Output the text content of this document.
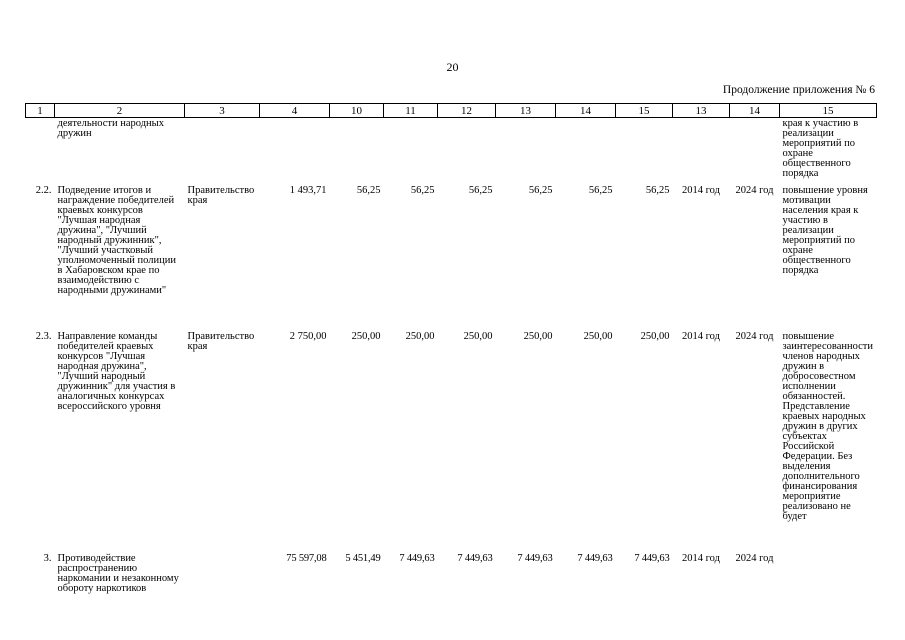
20
Продолжение приложения № 6
1	2	3	4	10	11	12	13	14	15	13	14	15
	деятельности народных дружин											края к участию в реализации мероприятий по охране общественного порядка
2.2.	Подведение итогов и награждение победителей краевых конкурсов "Лучшая народная дружина", "Лучший народный дружинник", "Лучший участковый уполномоченный полиции в Хабаровском крае по взаимодействию с народными дружинами"	Правительство края	1 493,71	56,25	56,25	56,25	56,25	56,25	56,25	2014 год	2024 год	повышение уровня мотивации населения края к участию в реализации мероприятий по охране общественного порядка
2.3.	Направление команды победителей краевых конкурсов "Лучшая народная дружина", "Лучший народный дружинник" для участия в аналогичных конкурсах всероссийского уровня	Правительство края	2 750,00	250,00	250,00	250,00	250,00	250,00	250,00	2014 год	2024 год	повышение заинтересованности членов народных дружин в добросовестном исполнении обязанностей. Представление краевых народных дружин в других субъектах Российской Федерации. Без выделения дополнительного финансирования мероприятие реализовано не будет
3.	Противодействие распространению наркомании и незаконному обороту наркотиков		75 597,08	5 451,49	7 449,63	7 449,63	7 449,63	7 449,63	7 449,63	2014 год	2024 год	
